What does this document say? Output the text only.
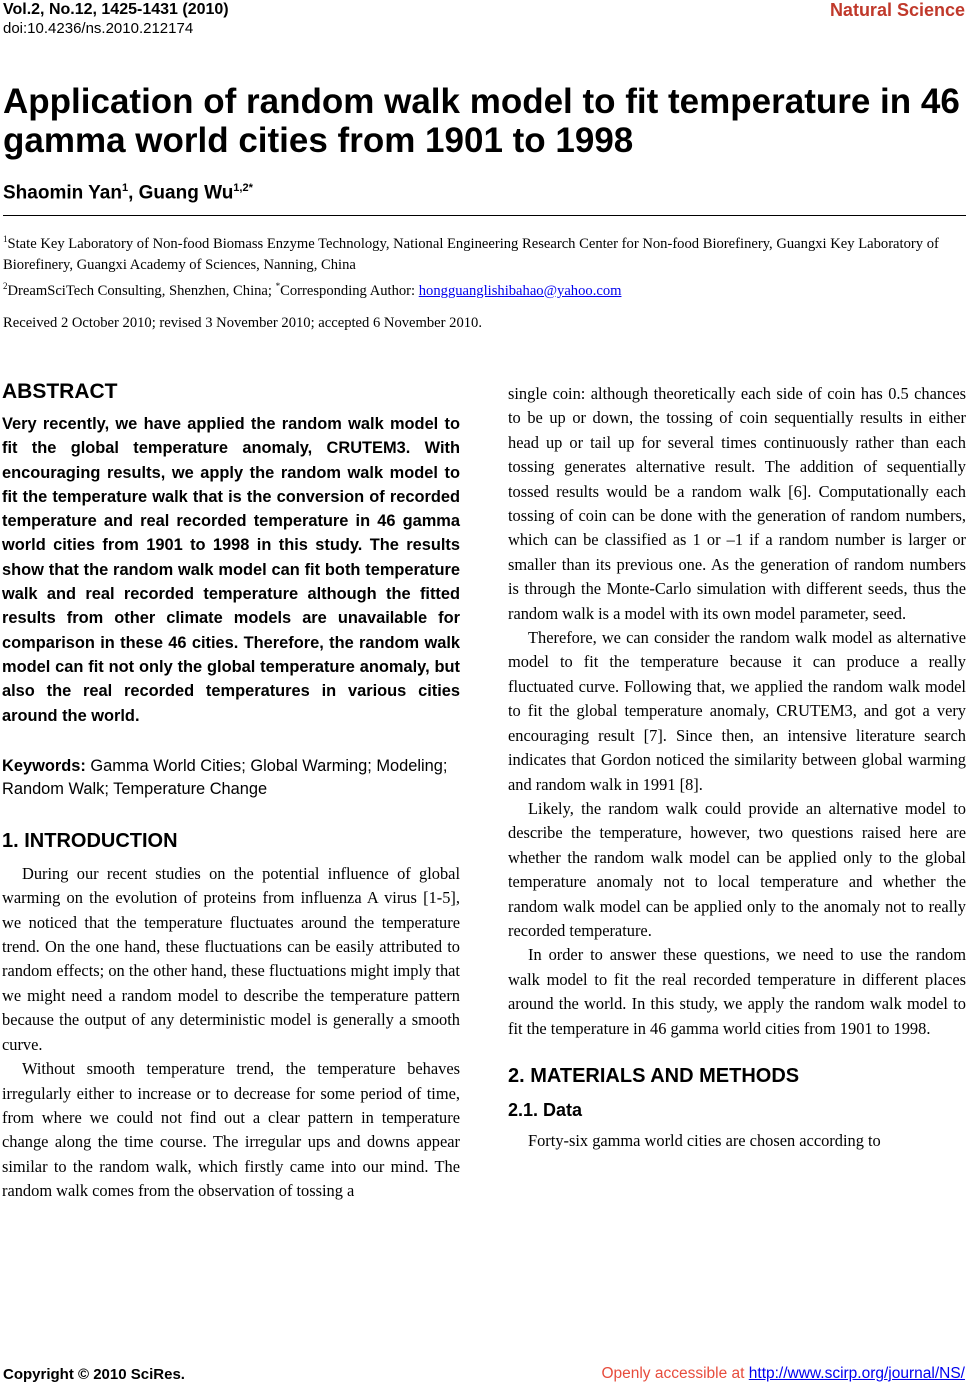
Vol.2, No.12, 1425-1431 (2010)
doi:10.4236/ns.2010.212174
Natural Science
Application of random walk model to fit temperature in 46 gamma world cities from 1901 to 1998
Shaomin Yan$^1$, Guang $Wu^{1,2*}$
$^1$State Key Laboratory of Non-food Biomass Enzyme Technology, National Engineering Research Center for Non-food Biorefinery, Guangxi Key Laboratory of Biorefinery, Guangxi Academy of Sciences, Nanning, China
$^2$DreamSciTech Consulting, Shenzhen, China; *Corresponding Author: hongguanglishibahao@yahoo.com
Received 2 October 2010; revised 3 November 2010; accepted 6 November 2010.
ABSTRACT

Very recently, we have applied the random walk model to fit the global temperature anomaly, CRUTEM3. With encouraging results, we apply the random walk model to fit the temperature walk that is the conversion of recorded temperature and real recorded temperature in 46 gamma world cities from 1901 to 1998 in this study. The results show that the random walk model can fit both temperature walk and real recorded temperature although the fitted results from other climate models are unavailable for comparison in these 46 cities. Therefore, the random walk model can fit not only the global temperature anomaly, but also the real recorded temperatures in various cities around the world.

Keywords: Gamma World Cities; Global Warming; Modeling; Random Walk; Temperature Change

1. INTRODUCTION

During our recent studies on the potential influence of global warming on the evolution of proteins from influenza A virus [1-5], we noticed that the temperature fluctuates around the temperature trend. On the one hand, these fluctuations can be easily attributed to random effects; on the other hand, these fluctuations might imply that we might need a random model to describe the temperature pattern because the output of any deterministic model is generally a smooth curve.

Without smooth temperature trend, the temperature behaves irregularly either to increase or to decrease for some period of time, from where we could not find out a clear pattern in temperature change along the time course. The irregular ups and downs appear similar to the random walk, which firstly came into our mind. The random walk comes from the observation of tossing a

single coin: although theoretically each side of coin has 0.5 chances to be up or down, the tossing of coin sequentially results in either head up or tail up for several times continuously rather than each tossing generates alternative result. The addition of sequentially tossed results would be a random walk [6]. Computationally each tossing of coin can be done with the generation of random numbers, which can be classified as 1 or –1 if a random number is larger or smaller than its previous one. As the generation of random numbers is through the Monte-Carlo simulation with different seeds, thus the random walk is a model with its own model parameter, seed.

Therefore, we can consider the random walk model as alternative model to fit the temperature because it can produce a really fluctuated curve. Following that, we applied the random walk model to fit the global temperature anomaly, CRUTEM3, and got a very encouraging result [7]. Since then, an intensive literature search indicates that Gordon noticed the similarity between global warming and random walk in 1991 [8].

Likely, the random walk could provide an alternative model to describe the temperature, however, two questions raised here are whether the random walk model can be applied only to the global temperature anomaly not to local temperature and whether the random walk model can be applied only to the anomaly not to really recorded temperature.

In order to answer these questions, we need to use the random walk model to fit the real recorded temperature in different places around the world. In this study, we apply the random walk model to fit the temperature in 46 gamma world cities from 1901 to 1998.

2. MATERIALS AND METHODS
2.1. Data

Forty-six gamma world cities are chosen according to

Copyright © 2010 SciRes.	Openly accessible at http://www.scirp.org/journal/NS/
